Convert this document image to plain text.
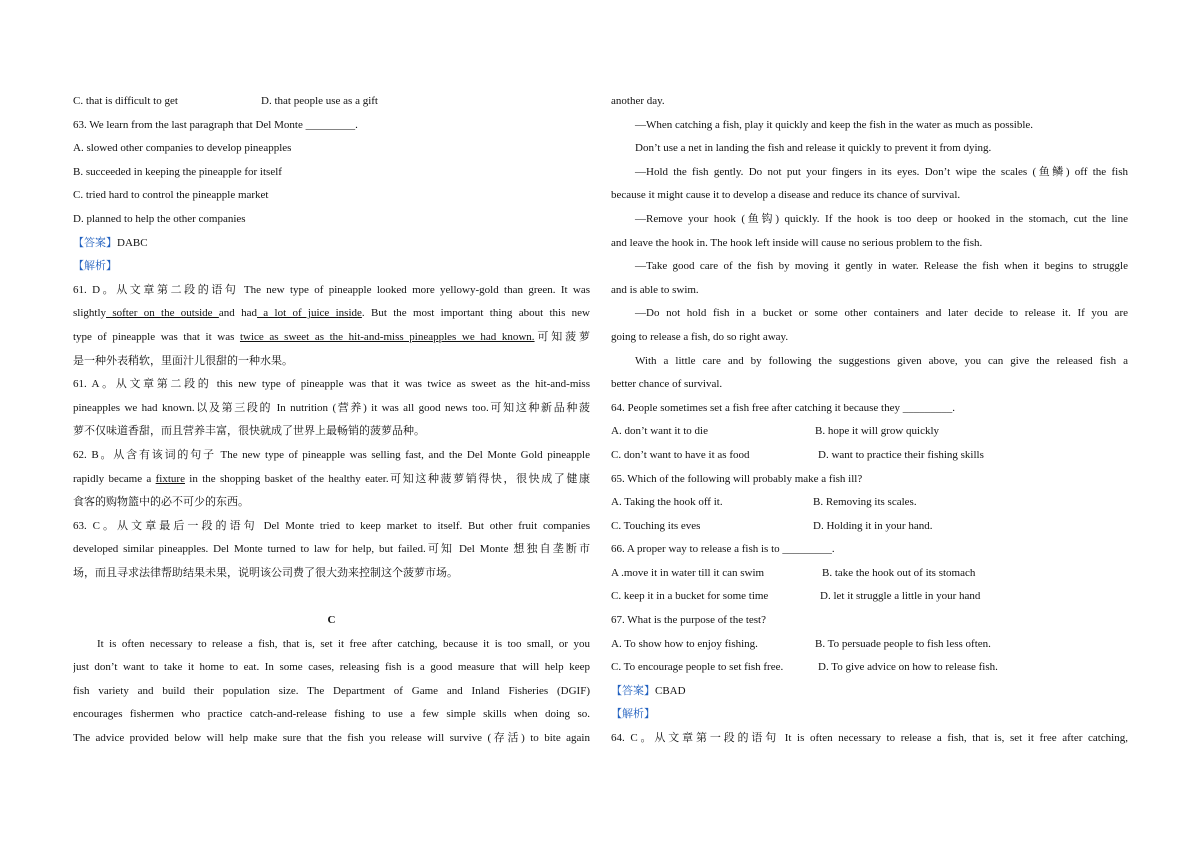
C. that is difficult to get	D. that people use as a gift
63. We learn from the last paragraph that Del Monte _________.
A. slowed other companies to develop pineapples
B. succeeded in keeping the pineapple for itself
C. tried hard to control the pineapple market
D. planned to help the other companies
【答案】DABC
【解析】
61. D。从文章第二段的语句 The new type of pineapple looked more yellowy-gold than green. It was
slightly softer on the outside and had a lot of juice inside. But the most important thing about this new
type of pineapple was that it was twice as sweet as the hit-and-miss pineapples we had known.可知菠萝
是一种外表稍软，里面汁儿很甜的一种水果。
61. A。从文章第二段的 this new type of pineapple was that it was twice as sweet as the hit-and-miss
pineapples we had known.以及第三段的 In nutrition (营养) it was all good news too.可知这种新品种菠
萝不仅味道香甜，而且营养丰富，很快就成了世界上最畅销的菠萝品种。
62. B。从含有该词的句子 The new type of pineapple was selling fast, and the Del Monte Gold pineapple
rapidly became a fixture in the shopping basket of the healthy eater.可知这种菠萝销得快，很快成了健康
食客的购物篮中的必不可少的东西。
63. C。从文章最后一段的语句 Del Monte tried to keep market to itself. But other fruit companies
developed similar pineapples. Del Monte turned to law for help, but failed.可知 Del Monte 想独自垄断市
场，而且寻求法律帮助结果未果，说明该公司费了很大劲来控制这个菠萝市场。
C
It is often necessary to release a fish, that is, set it free after catching, because it is too small, or you
just don’t want to take it home to eat. In some cases, releasing fish is a good measure that will help keep
fish variety and build their population size. The Department of Game and Inland Fisheries (DGIF)
encourages fishermen who practice catch-and-release fishing to use a few simple skills when doing so.
The advice provided below will help make sure that the fish you release will survive (存活) to bite again
another day.
—When catching a fish, play it quickly and keep the fish in the water as much as possible.
Don’t use a net in landing the fish and release it quickly to prevent it from dying.
—Hold the fish gently. Do not put your fingers in its eyes. Don’t wipe the scales (鱼鳞) off the fish
because it might cause it to develop a disease and reduce its chance of survival.
—Remove your hook (鱼钩) quickly. If the hook is too deep or hooked in the stomach, cut the line
and leave the hook in. The hook left inside will cause no serious problem to the fish.
—Take good care of the fish by moving it gently in water. Release the fish when it begins to struggle
and is able to swim.
—Do not hold fish in a bucket or some other containers and later decide to release it. If you are
going to release a fish, do so right away.
With a little care and by following the suggestions given above, you can give the released fish a
better chance of survival.
64. People sometimes set a fish free after catching it because they _________.
A. don’t want it to die	B. hope it will grow quickly
C. don’t want to have it as food	D. want to practice their fishing skills
65. Which of the following will probably make a fish ill?
A. Taking the hook off it.	B. Removing its scales.
C. Touching its eves	D. Holding it in your hand.
66. A proper way to release a fish is to _________.
A .move it in water till it can swim	B. take the hook out of its stomach
C. keep it in a bucket for some time	D. let it struggle a little in your hand
67. What is the purpose of the test?
A. To show how to enjoy fishing.	B. To persuade people to fish less often.
C. To encourage people to set fish free.	D. To give advice on how to release fish.
【答案】CBAD
【解析】
64. C。从文章第一段的语句 It is often necessary to release a fish, that is, set it free after catching,
